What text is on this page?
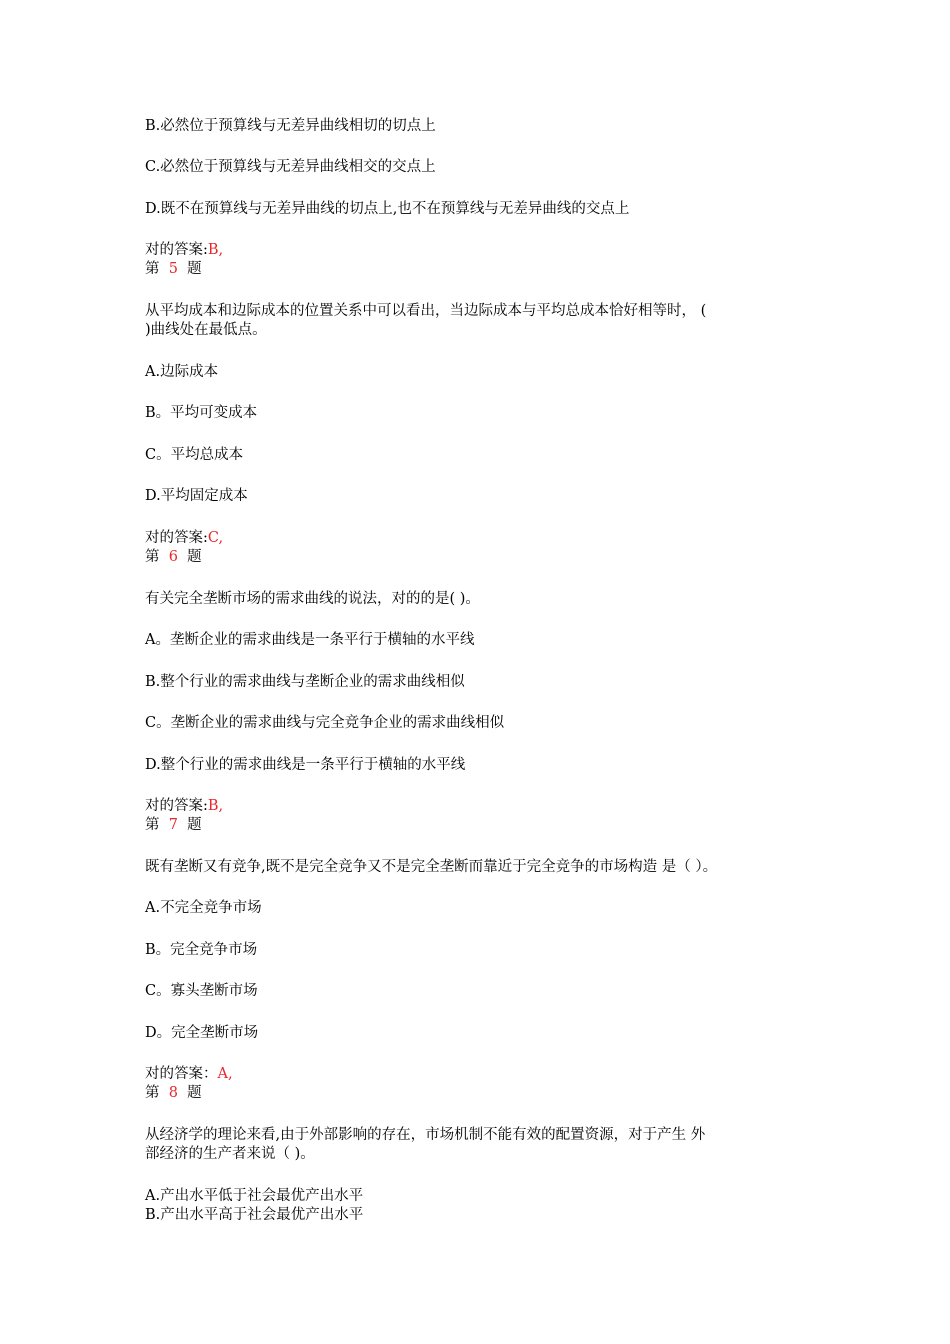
B.必然位于预算线与无差异曲线相切的切点上
C.必然位于预算线与无差异曲线相交的交点上
D.既不在预算线与无差异曲线的切点上,也不在预算线与无差异曲线的交点上
对的答案:B,
第 5 题
从平均成本和边际成本的位置关系中可以看出，当边际成本与平均总成本恰好相等时， (
)曲线处在最低点。
A.边际成本
B。平均可变成本
C。平均总成本
D.平均固定成本
对的答案:C,
第 6 题
有关完全垄断市场的需求曲线的说法，对的的是( )。
A。垄断企业的需求曲线是一条平行于横轴的水平线
B.整个行业的需求曲线与垄断企业的需求曲线相似
C。垄断企业的需求曲线与完全竞争企业的需求曲线相似
D.整个行业的需求曲线是一条平行于横轴的水平线
对的答案:B,
第 7 题
既有垄断又有竞争,既不是完全竞争又不是完全垄断而靠近于完全竞争的市场构造 是（ ）。
A.不完全竞争市场
B。完全竞争市场
C。寡头垄断市场
D。完全垄断市场
对的答案：A,
第 8 题
从经济学的理论来看,由于外部影响的存在，市场机制不能有效的配置资源，对于产生 外
部经济的生产者来说（ )。
A.产出水平低于社会最优产出水平
B.产出水平高于社会最优产出水平
